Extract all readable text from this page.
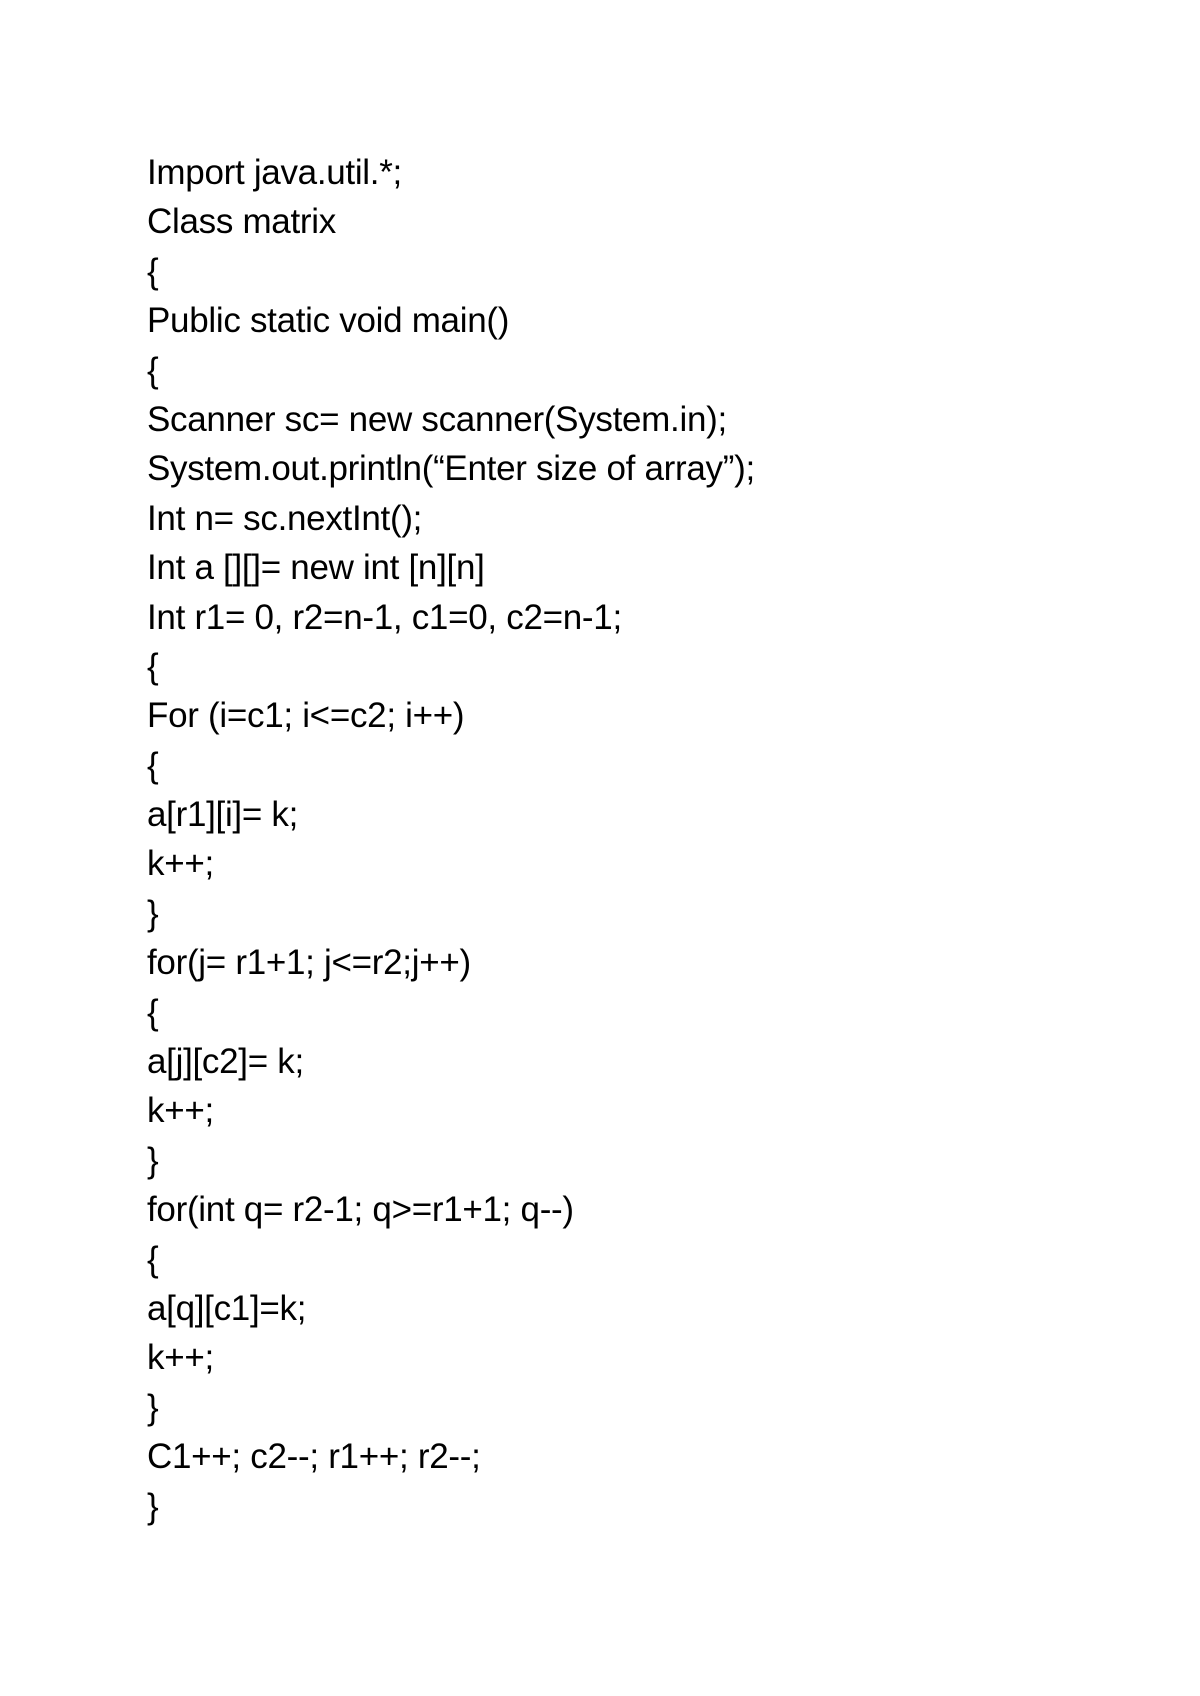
Import java.util.*;
Class matrix
{
Public static void main()
{
Scanner sc= new scanner(System.in);
System.out.println(“Enter size of array”);
Int n= sc.nextInt();
Int a [][]= new int [n][n]
Int r1= 0, r2=n-1, c1=0, c2=n-1;
{
For (i=c1; i<=c2; i++)
{
a[r1][i]= k;
k++;
}
for(j= r1+1; j<=r2;j++)
{
a[j][c2]= k;
k++;
}
for(int q= r2-1; q>=r1+1; q--)
{
a[q][c1]=k;
k++;
}
C1++; c2--; r1++; r2--;
}
